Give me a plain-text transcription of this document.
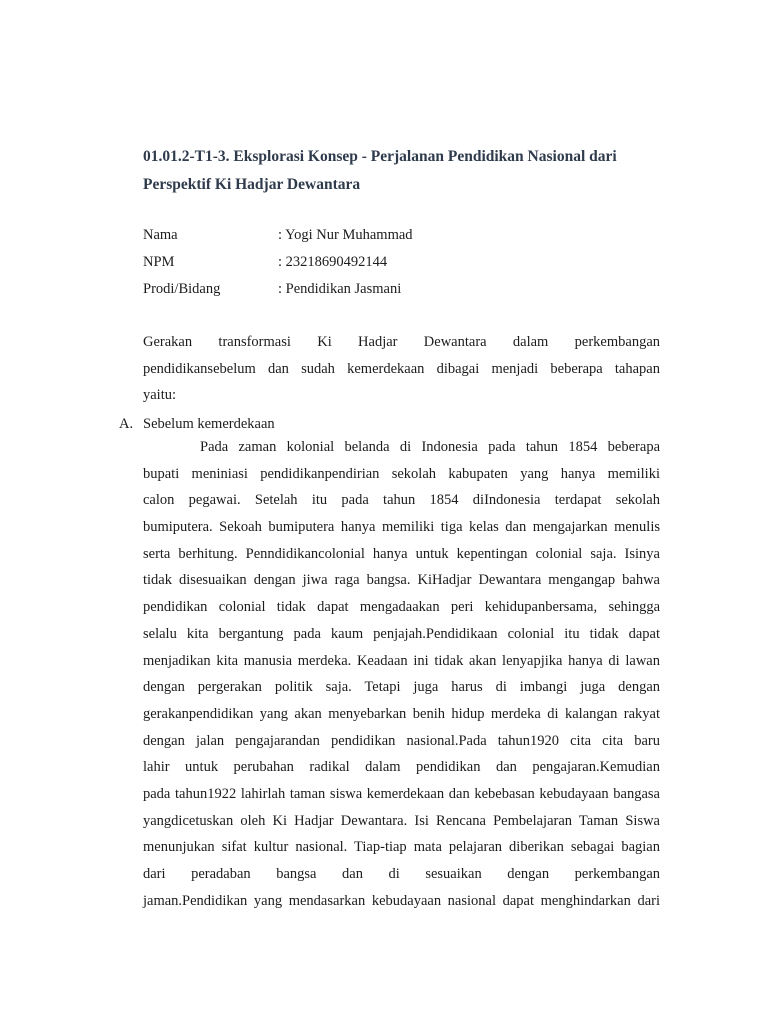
01.01.2-T1-3. Eksplorasi Konsep - Perjalanan Pendidikan Nasional dari
Perspektif Ki Hadjar Dewantara
Nama	: Yogi Nur Muhammad
NPM	: 23218690492144
Prodi/Bidang	: Pendidikan Jasmani
Gerakan transformasi Ki Hadjar Dewantara dalam perkembangan
pendidikansebelum dan sudah kemerdekaan dibagai menjadi beberapa tahapan
yaitu:
A. Sebelum kemerdekaan
Pada zaman kolonial belanda di Indonesia pada tahun 1854 beberapa
bupati meniniasi pendidikanpendirian sekolah kabupaten yang hanya memiliki
calon pegawai. Setelah itu pada tahun 1854 diIndonesia terdapat sekolah
bumiputera. Sekoah bumiputera hanya memiliki tiga kelas dan mengajarkan menulis
serta berhitung. Penndidikancolonial hanya untuk kepentingan colonial saja. Isinya
tidak disesuaikan dengan jiwa raga bangsa. KiHadjar Dewantara mengangap bahwa
pendidikan colonial tidak dapat mengadaakan peri kehidupanbersama, sehingga
selalu kita bergantung pada kaum penjajah.Pendidikaan colonial itu tidak dapat
menjadikan kita manusia merdeka. Keadaan ini tidak akan lenyapjika hanya di lawan
dengan pergerakan politik saja. Tetapi juga harus di imbangi juga dengan
gerakanpendidikan yang akan menyebarkan benih hidup merdeka di kalangan rakyat
dengan jalan pengajarandan pendidikan nasional.Pada tahun1920 cita cita baru
lahir untuk perubahan radikal dalam pendidikan dan pengajaran.Kemudian
pada tahun1922 lahirlah taman siswa kemerdekaan dan kebebasan kebudayaan bangasa
yangdicetuskan oleh Ki Hadjar Dewantara. Isi Rencana Pembelajaran Taman Siswa
menunjukan sifat kultur nasional. Tiap-tiap mata pelajaran diberikan sebagai bagian
dari peradaban bangsa dan di sesuaikan dengan perkembangan
jaman.Pendidikan yang mendasarkan kebudayaan nasional dapat menghindarkan dari
